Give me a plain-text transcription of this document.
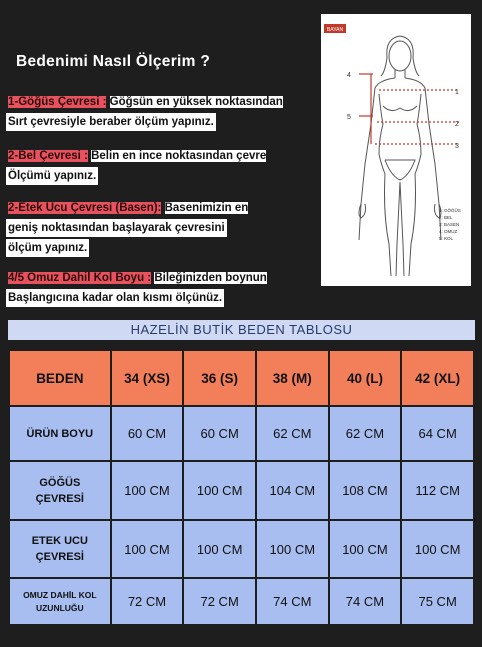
Bedenimi Nasıl Ölçerim ?
1-Göğüs Çevresi : Göğsün en yüksek noktasından
Sırt çevresiyle beraber ölçüm yapınız.
2-Bel Çevresi : Belin en ince noktasından çevre
Ölçümü yapınız.
2-Etek Ucu Çevresi (Basen): Basenimizin en
geniş noktasından başlayarak çevresini
ölçüm yapınız.
4/5 Omuz Dahil Kol Boyu : Bileğinizden boynun
Başlangıcına kadar olan kısmı ölçünüz.
BAYAN
1
2
3
4
5
1: GÖĞÜS
2: BEL
3: BASEN
4: OMUZ
5: KOL
HAZELİN BUTİK BEDEN TABLOSU
BEDEN	34 (XS)	36 (S)	38 (M)	40 (L)	42 (XL)
ÜRÜN BOYU	60 CM	60 CM	62 CM	62 CM	64 CM
GÖĞÜS
ÇEVRESİ	100 CM	100 CM	104 CM	108 CM	112 CM
ETEK UCU
ÇEVRESİ	100 CM	100 CM	100 CM	100 CM	100 CM
OMUZ DAHİL KOL
UZUNLUĞU	72 CM	72 CM	74 CM	74 CM	75 CM
